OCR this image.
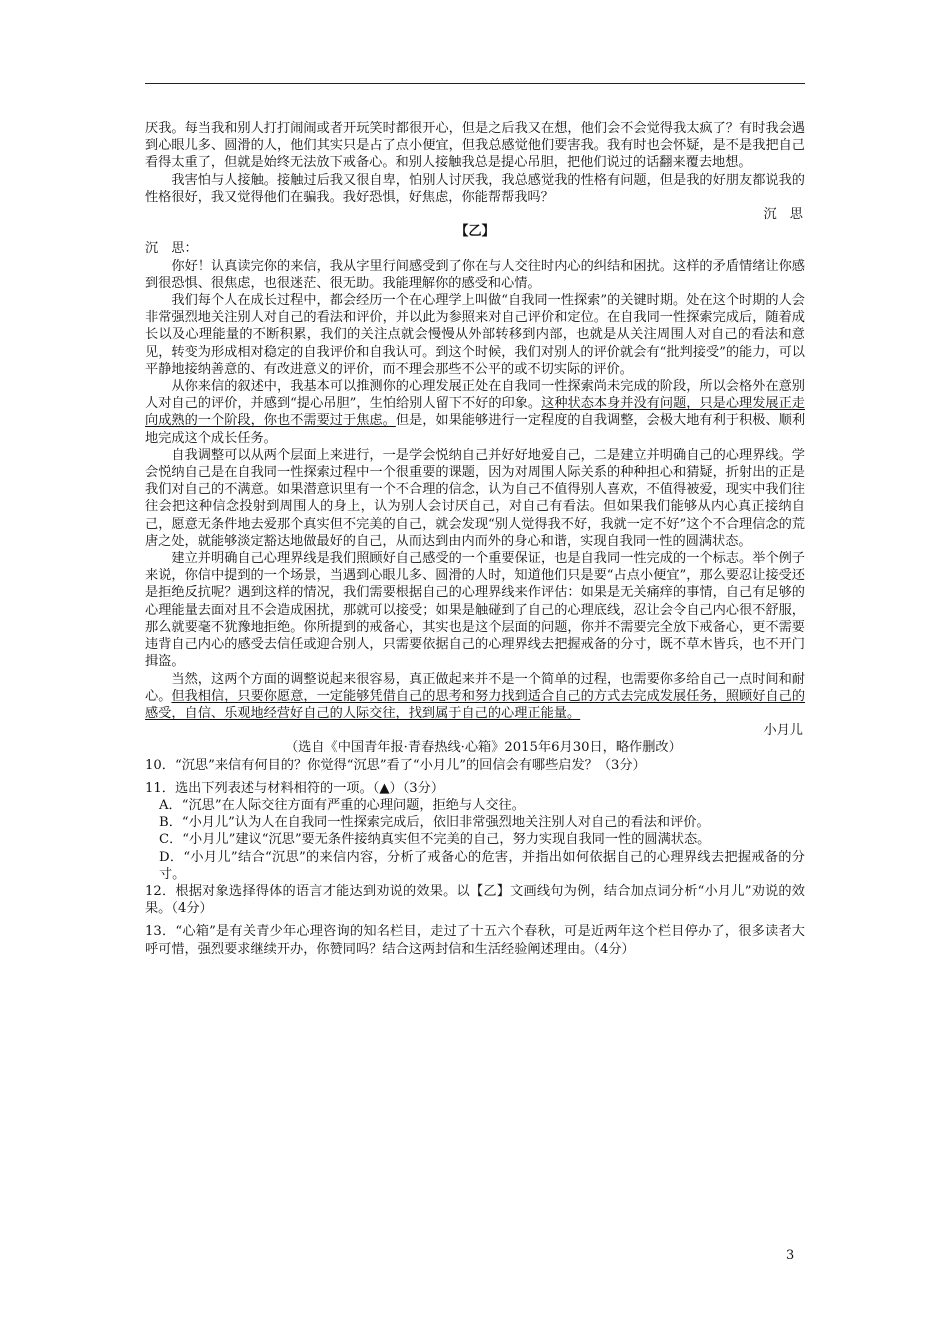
厌我。每当我和别人打打闹闹或者开玩笑时都很开心，但是之后我又在想，他们会不会觉得我太疯了？有时我会遇到心眼儿多、圆滑的人，他们其实只是占了点小便宜，但我总感觉他们要害我。我有时也会怀疑，是不是我把自己看得太重了，但就是始终无法放下戒备心。和别人接触我总是提心吊胆，把他们说过的话翻来覆去地想。

我害怕与人接触。接触过后我又很自卑，怕别人讨厌我，我总感觉我的性格有问题，但是我的好朋友都说我的性格很好，我又觉得他们在骗我。我好恐惧，好焦虑，你能帮帮我吗？

沉　思

【乙】

沉　思：

你好！认真读完你的来信，我从字里行间感受到了你在与人交往时内心的纠结和困扰。这样的矛盾情绪让你感到很恐惧、很焦虑，也很迷茫、很无助。我能理解你的感受和心情。

我们每个人在成长过程中，都会经历一个在心理学上叫做“自我同一性探索”的关键时期。处在这个时期的人会非常强烈地关注别人对自己的看法和评价，并以此为参照来对自己评价和定位。在自我同一性探索完成后，随着成长以及心理能量的不断积累，我们的关注点就会慢慢从外部转移到内部，也就是从关注周围人对自己的看法和意见，转变为形成相对稳定的自我评价和自我认可。到这个时候，我们对别人的评价就会有“批判接受”的能力，可以平静地接纳善意的、有改进意义的评价，而不理会那些不公平的或不切实际的评价。

从你来信的叙述中，我基本可以推测你的心理发展正处在自我同一性探索尚未完成的阶段，所以会格外在意别人对自己的评价，并感到“提心吊胆”，生怕给别人留下不好的印象。这种状态本身并没有问题，只是心理发展正走向成熟的一个阶段，你也不需要过于焦虑。但是，如果能够进行一定程度的自我调整，会极大地有利于积极、顺利地完成这个成长任务。

自我调整可以从两个层面上来进行，一是学会悦纳自己并好好地爱自己，二是建立并明确自己的心理界线。学会悦纳自己是在自我同一性探索过程中一个很重要的课题，因为对周围人际关系的种种担心和猜疑，折射出的正是我们对自己的不满意。如果潜意识里有一个不合理的信念，认为自己不值得别人喜欢，不值得被爱，现实中我们往往会把这种信念投射到周围人的身上，认为别人会讨厌自己，对自己有看法。但如果我们能够从内心真正接纳自己，愿意无条件地去爱那个真实但不完美的自己，就会发现“别人觉得我不好，我就一定不好”这个不合理信念的荒唐之处，就能够淡定豁达地做最好的自己，从而达到由内而外的身心和谐，实现自我同一性的圆满状态。

建立并明确自己心理界线是我们照顾好自己感受的一个重要保证，也是自我同一性完成的一个标志。举个例子来说，你信中提到的一个场景，当遇到心眼儿多、圆滑的人时，知道他们只是要“占点小便宜”，那么要忍让接受还是拒绝反抗呢？遇到这样的情况，我们需要根据自己的心理界线来作评估：如果是无关痛痒的事情，自己有足够的心理能量去面对且不会造成困扰，那就可以接受；如果是触碰到了自己的心理底线，忍让会令自己内心很不舒服，那么就要毫不犹豫地拒绝。你所提到的戒备心，其实也是这个层面的问题，你并不需要完全放下戒备心，更不需要违背自己内心的感受去信任或迎合别人，只需要依据自己的心理界线去把握戒备的分寸，既不草木皆兵，也不开门揖盗。

当然，这两个方面的调整说起来很容易，真正做起来并不是一个简单的过程，也需要你多给自己一点时间和耐心。但我相信，只要你愿意，一定能够凭借自己的思考和努力找到适合自己的方式去完成发展任务，照顾好自己的感受，自信、乐观地经营好自己的人际交往，找到属于自己的心理正能量。

小月儿

（选自《中国青年报·青春热线·心箱》2015年6月30日，略作删改）

10．“沉思”来信有何目的？你觉得“沉思”看了“小月儿”的回信会有哪些启发？（3分）

11．选出下列表述与材料相符的一项。（▲）（3分）

A．“沉思”在人际交往方面有严重的心理问题，拒绝与人交往。

B．“小月儿”认为人在自我同一性探索完成后，依旧非常强烈地关注别人对自己的看法和评价。

C．“小月儿”建议“沉思”要无条件接纳真实但不完美的自己，努力实现自我同一性的圆满状态。

D．“小月儿”结合“沉思”的来信内容，分析了戒备心的危害，并指出如何依据自己的心理界线去把握戒备的分寸。

12．根据对象选择得体的语言才能达到劝说的效果。以【乙】文画线句为例，结合加点词分析“小月儿”劝说的效果。（4分）

13．“心箱”是有关青少年心理咨询的知名栏目，走过了十五六个春秋，可是近两年这个栏目停办了，很多读者大呼可惜，强烈要求继续开办，你赞同吗？结合这两封信和生活经验阐述理由。（4分）

3
